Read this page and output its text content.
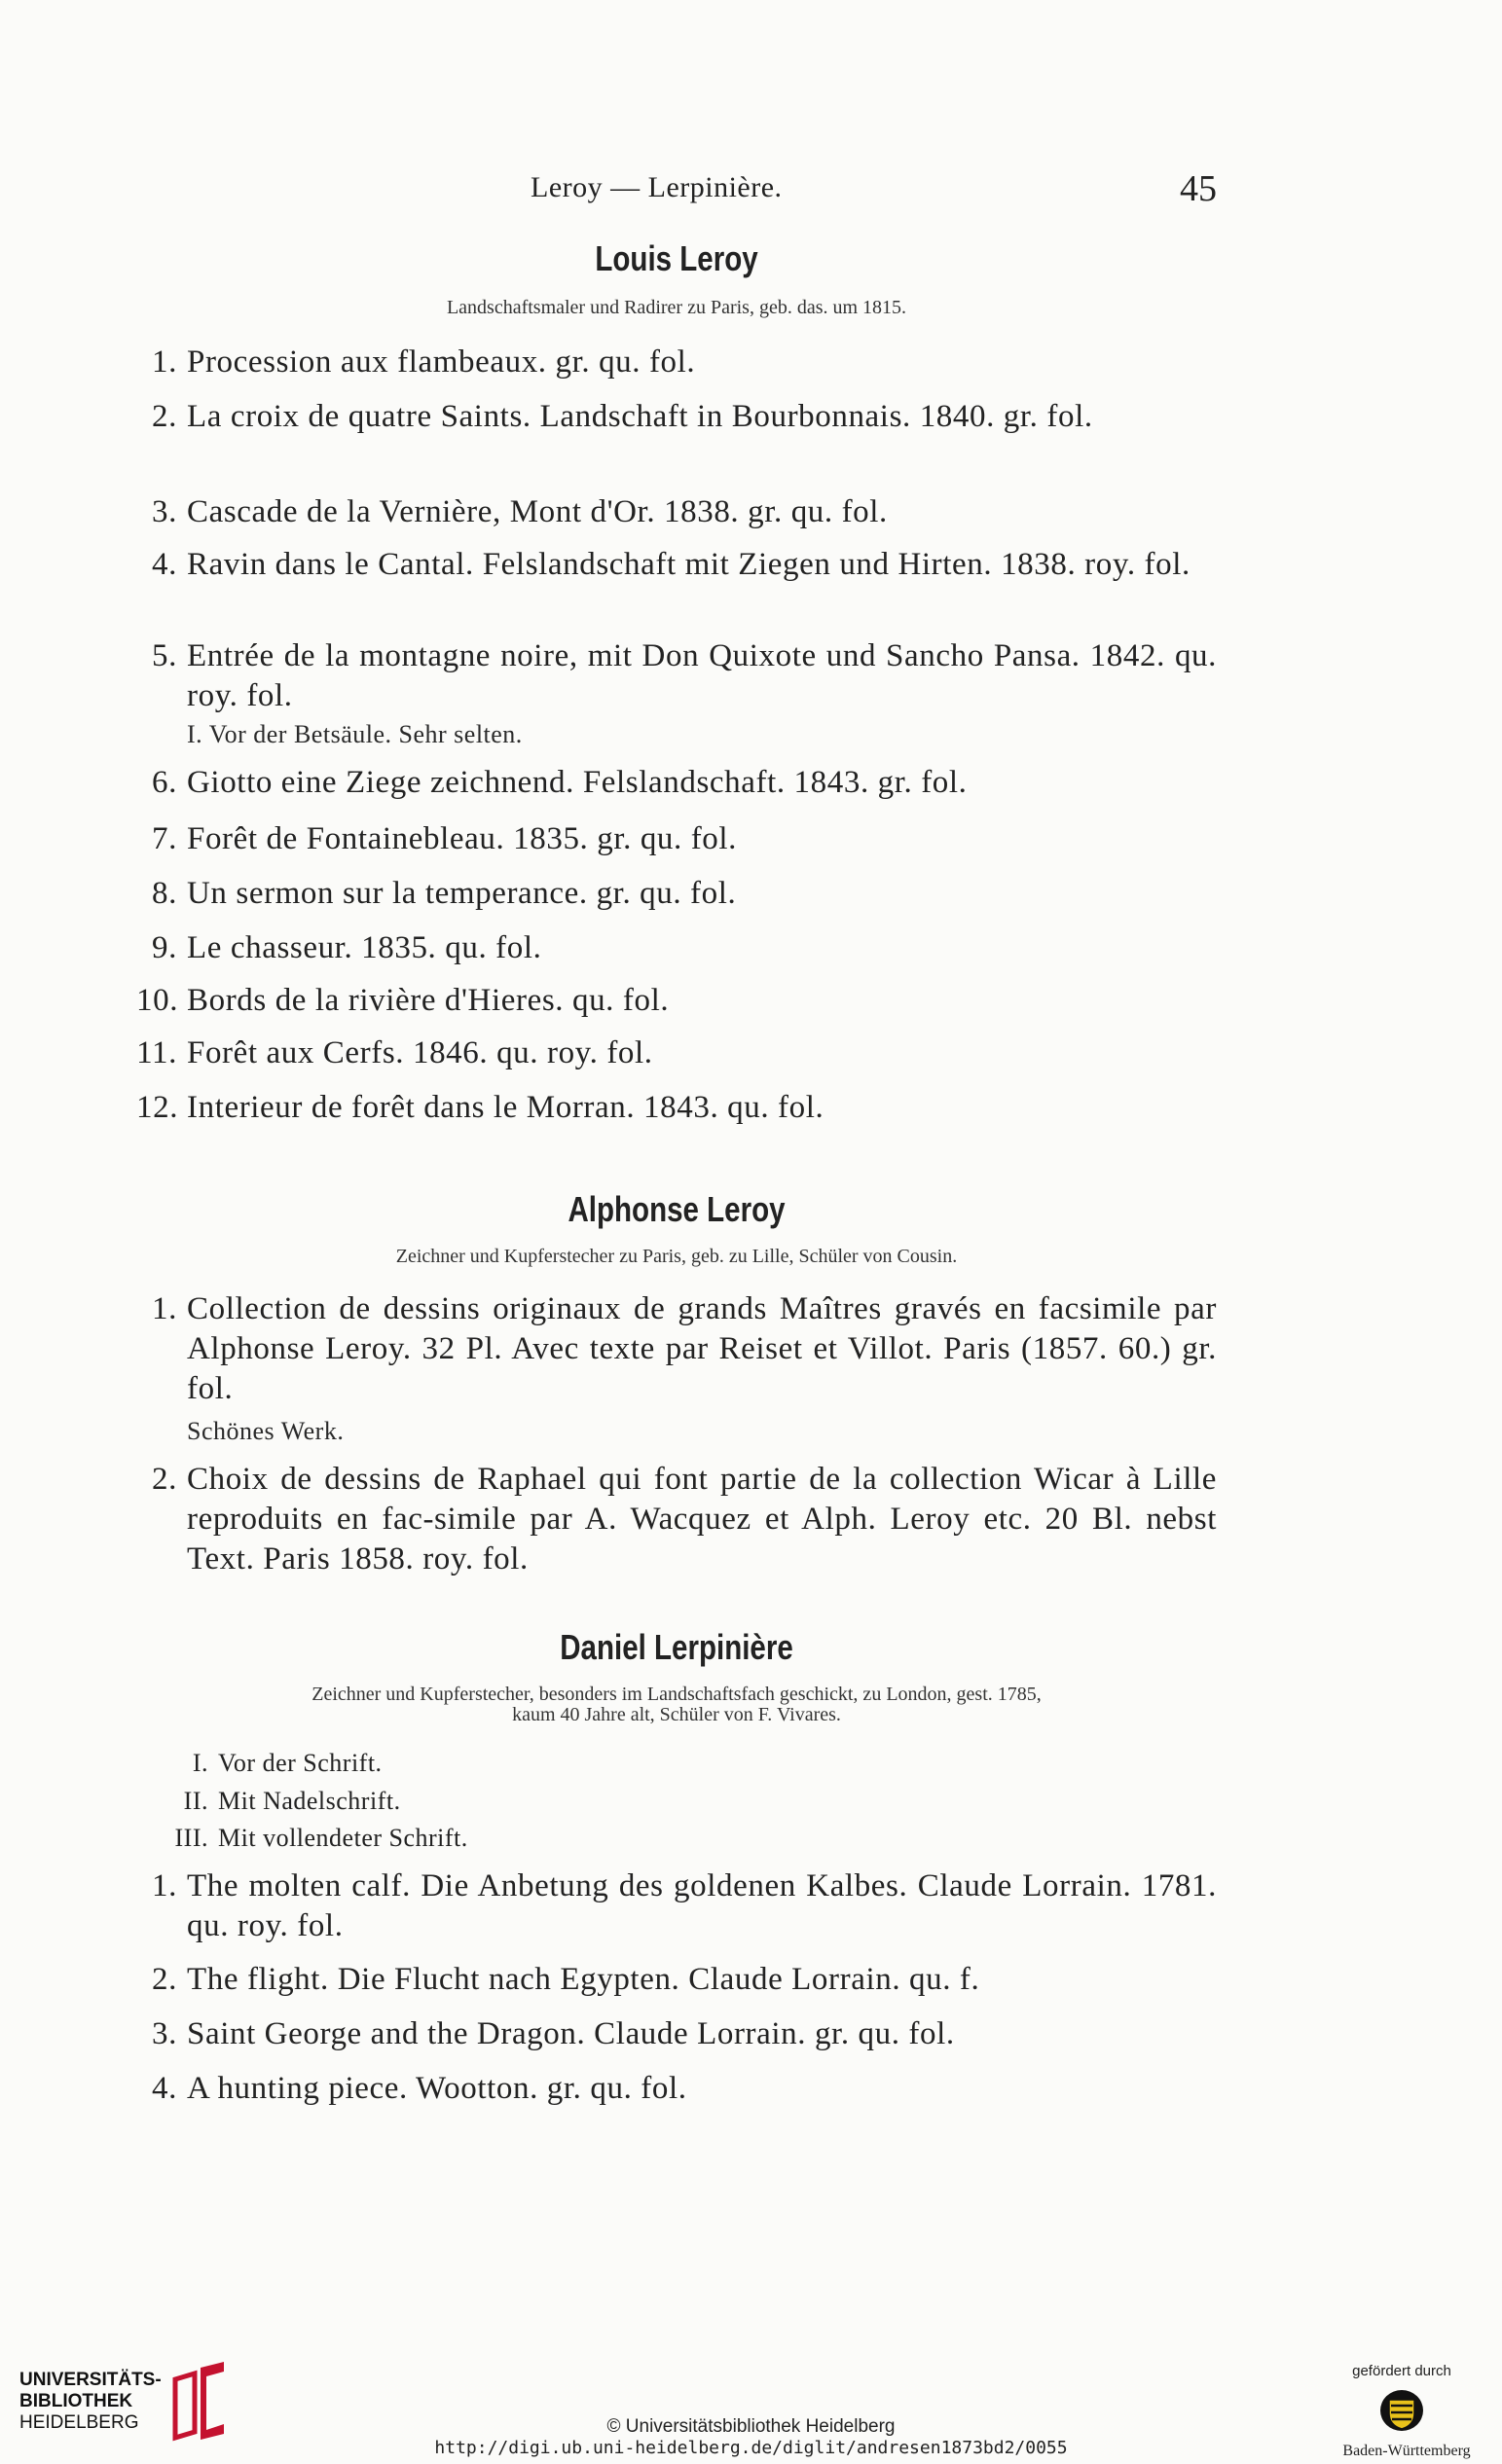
Leroy — Lerpinière.	45
Louis Leroy
Landschaftsmaler und Radirer zu Paris, geb. das. um 1815.
1. Procession aux flambeaux. gr. qu. fol.
2. La croix de quatre Saints. Landschaft in Bourbonnais. 1840. gr. fol.
3. Cascade de la Vernière, Mont d'Or. 1838. gr. qu. fol.
4. Ravin dans le Cantal. Felslandschaft mit Ziegen und Hirten. 1838. roy. fol.
5. Entrée de la montagne noire, mit Don Quixote und Sancho Pansa. 1842. qu. roy. fol.
I. Vor der Betsäule. Sehr selten.
6. Giotto eine Ziege zeichnend. Felslandschaft. 1843. gr. fol.
7. Forêt de Fontainebleau. 1835. gr. qu. fol.
8. Un sermon sur la temperance. gr. qu. fol.
9. Le chasseur. 1835. qu. fol.
10. Bords de la rivière d'Hieres. qu. fol.
11. Forêt aux Cerfs. 1846. qu. roy. fol.
12. Interieur de forêt dans le Morran. 1843. qu. fol.
Alphonse Leroy
Zeichner und Kupferstecher zu Paris, geb. zu Lille, Schüler von Cousin.
1. Collection de dessins originaux de grands Maîtres gravés en facsimile par Alphonse Leroy. 32 Pl. Avec texte par Reiset et Villot. Paris (1857. 60.) gr. fol.
Schönes Werk.
2. Choix de dessins de Raphael qui font partie de la collection Wicar à Lille reproduits en fac-simile par A. Wacquez et Alph. Leroy etc. 20 Bl. nebst Text. Paris 1858. roy. fol.
Daniel Lerpinière
Zeichner und Kupferstecher, besonders im Landschaftsfach geschickt, zu London, gest. 1785,
kaum 40 Jahre alt, Schüler von F. Vivares.
I. Vor der Schrift.
II. Mit Nadelschrift.
III. Mit vollendeter Schrift.
1. The molten calf. Die Anbetung des goldenen Kalbes. Claude Lorrain. 1781. qu. roy. fol.
2. The flight. Die Flucht nach Egypten. Claude Lorrain. qu. f.
3. Saint George and the Dragon. Claude Lorrain. gr. qu. fol.
4. A hunting piece. Wootton. gr. qu. fol.
UNIVERSITÄTS-
BIBLIOTHEK
HEIDELBERG	© Universitätsbibliothek Heidelberg
http://digi.ub.uni-heidelberg.de/diglit/andresen1873bd2/0055
gefördert durch
Baden-Württemberg
